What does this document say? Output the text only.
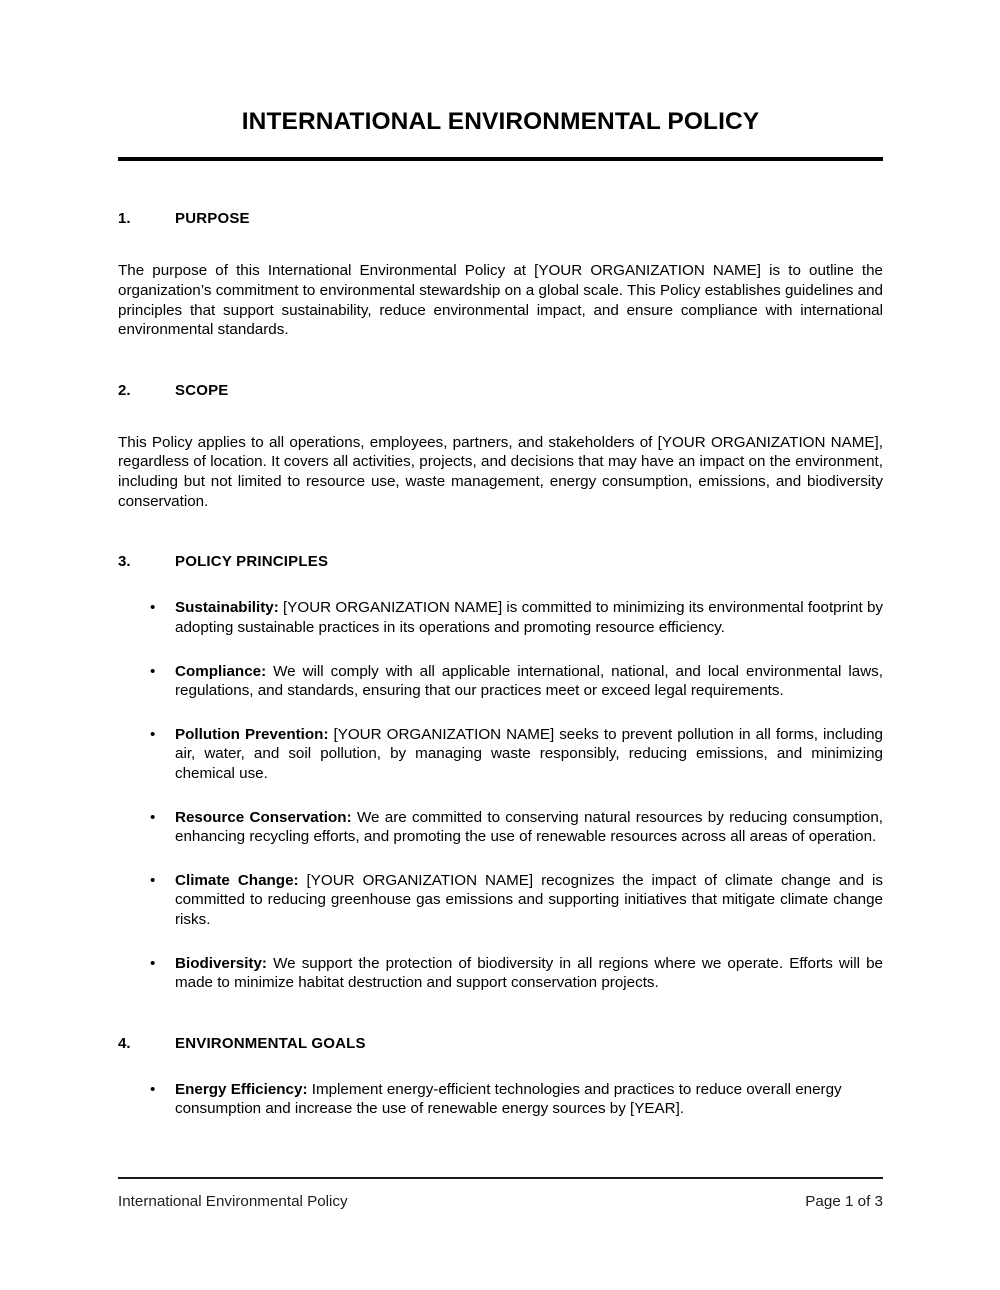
INTERNATIONAL ENVIRONMENTAL POLICY
1.	PURPOSE

The purpose of this International Environmental Policy at [YOUR ORGANIZATION NAME] is to outline the organization’s commitment to environmental stewardship on a global scale. This Policy establishes guidelines and principles that support sustainability, reduce environmental impact, and ensure compliance with international environmental standards.

2.	SCOPE

This Policy applies to all operations, employees, partners, and stakeholders of [YOUR ORGANIZATION NAME], regardless of location. It covers all activities, projects, and decisions that may have an impact on the environment, including but not limited to resource use, waste management, energy consumption, emissions, and biodiversity conservation.

3.	POLICY PRINCIPLES
• Sustainability: [YOUR ORGANIZATION NAME] is committed to minimizing its environmental footprint by adopting sustainable practices in its operations and promoting resource efficiency.
• Compliance: We will comply with all applicable international, national, and local environmental laws, regulations, and standards, ensuring that our practices meet or exceed legal requirements.
• Pollution Prevention: [YOUR ORGANIZATION NAME] seeks to prevent pollution in all forms, including air, water, and soil pollution, by managing waste responsibly, reducing emissions, and minimizing chemical use.
• Resource Conservation: We are committed to conserving natural resources by reducing consumption, enhancing recycling efforts, and promoting the use of renewable resources across all areas of operation.
• Climate Change: [YOUR ORGANIZATION NAME] recognizes the impact of climate change and is committed to reducing greenhouse gas emissions and supporting initiatives that mitigate climate change risks.
• Biodiversity: We support the protection of biodiversity in all regions where we operate. Efforts will be made to minimize habitat destruction and support conservation projects.
4.	ENVIRONMENTAL GOALS
• Energy Efficiency: Implement energy-efficient technologies and practices to reduce overall energy consumption and increase the use of renewable energy sources by [YEAR].
International Environmental Policy	Page 1 of 3
